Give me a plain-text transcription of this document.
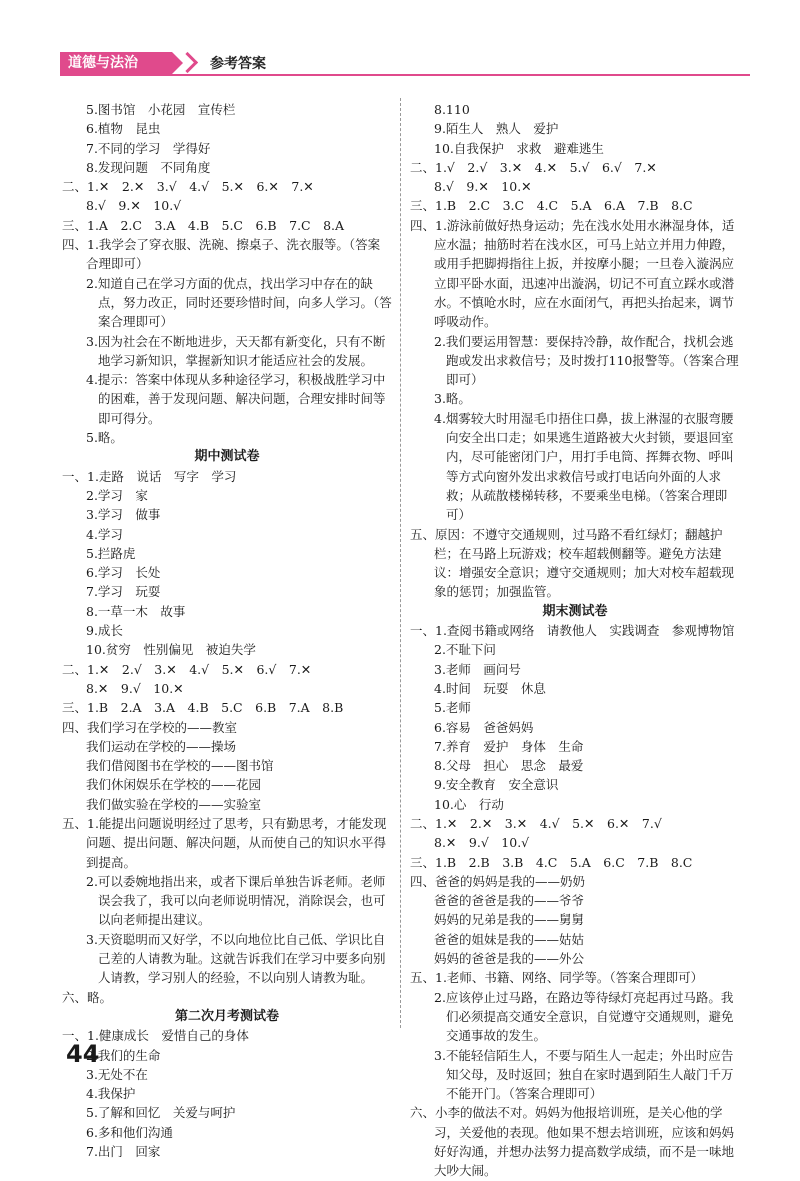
道德与法治	参考答案
5.图书馆　小花园　宣传栏
6.植物　昆虫
7.不同的学习　学得好
8.发现问题　不同角度
二、1.✕　2.✕　3.√　4.√　5.✕　6.✕　7.✕
8.√　9.✕　10.√
三、1.A　2.C　3.A　4.B　5.C　6.B　7.C　8.A
四、1.我学会了穿衣服、洗碗、擦桌子、洗衣服等。（答案合理即可）
2.知道自己在学习方面的优点，找出学习中存在的缺点，努力改正，同时还要珍惜时间，向多人学习。（答案合理即可）
3.因为社会在不断地进步，天天都有新变化，只有不断地学习新知识，掌握新知识才能适应社会的发展。
4.提示：答案中体现从多种途径学习，积极战胜学习中的困难，善于发现问题、解决问题，合理安排时间等即可得分。
5.略。
期中测试卷
一、1.走路　说话　写字　学习
2.学习　家
3.学习　做事
4.学习
5.拦路虎
6.学习　长处
7.学习　玩耍
8.一草一木　故事
9.成长
10.贫穷　性别偏见　被迫失学
二、1.✕　2.√　3.✕　4.√　5.✕　6.√　7.✕
8.✕　9.√　10.✕
三、1.B　2.A　3.A　4.B　5.C　6.B　7.A　8.B
四、我们学习在学校的——教室
我们运动在学校的——操场
我们借阅图书在学校的——图书馆
我们休闲娱乐在学校的——花园
我们做实验在学校的——实验室
五、1.能提出问题说明经过了思考，只有勤思考，才能发现问题、提出问题、解决问题，从而使自己的知识水平得到提高。
2.可以委婉地指出来，或者下课后单独告诉老师。老师误会我了，我可以向老师说明情况，消除误会，也可以向老师提出建议。
3.天资聪明而又好学，不以向地位比自己低、学识比自己差的人请教为耻。这就告诉我们在学习中要多向别人请教，学习别人的经验，不以向别人请教为耻。
六、略。
第二次月考测试卷
一、1.健康成长　爱惜自己的身体
2.我们的生命
3.无处不在
4.我保护
5.了解和回忆　关爱与呵护
6.多和他们沟通
7.出门　回家
8.110
9.陌生人　熟人　爱护
10.自我保护　求救　避难逃生
二、1.√　2.√　3.✕　4.✕　5.√　6.√　7.✕
8.√　9.✕　10.✕
三、1.B　2.C　3.C　4.C　5.A　6.A　7.B　8.C
四、1.游泳前做好热身运动；先在浅水处用水淋湿身体，适应水温；抽筋时若在浅水区，可马上站立并用力伸蹬，或用手把脚拇指往上扳，并按摩小腿；一旦卷入漩涡应立即平卧水面，迅速冲出漩涡，切记不可直立踩水或潜水。不慎呛水时，应在水面闭气，再把头抬起来，调节呼吸动作。
2.我们要运用智慧：要保持冷静，故作配合，找机会逃跑或发出求救信号；及时拨打110报警等。（答案合理即可）
3.略。
4.烟雾较大时用湿毛巾捂住口鼻，拔上淋湿的衣服弯腰向安全出口走；如果逃生道路被大火封锁，要退回室内，尽可能密闭门户，用打手电筒、挥舞衣物、呼叫等方式向窗外发出求救信号或打电话向外面的人求救；从疏散楼梯转移，不要乘坐电梯。（答案合理即可）
五、原因：不遵守交通规则，过马路不看红绿灯；翻越护栏；在马路上玩游戏；校车超载侧翻等。避免方法建议：增强安全意识；遵守交通规则；加大对校车超载现象的惩罚；加强监管。
期末测试卷
一、1.查阅书籍或网络　请教他人　实践调查　参观博物馆
2.不耻下问
3.老师　画问号
4.时间　玩耍　休息
5.老师
6.容易　爸爸妈妈
7.养育　爱护　身体　生命
8.父母　担心　思念　最爱
9.安全教育　安全意识
10.心　行动
二、1.✕　2.✕　3.✕　4.√　5.✕　6.✕　7.√
8.✕　9.√　10.√
三、1.B　2.B　3.B　4.C　5.A　6.C　7.B　8.C
四、爸爸的妈妈是我的——奶奶
爸爸的爸爸是我的——爷爷
妈妈的兄弟是我的——舅舅
爸爸的姐妹是我的——姑姑
妈妈的爸爸是我的——外公
五、1.老师、书籍、网络、同学等。（答案合理即可）
2.应该停止过马路，在路边等待绿灯亮起再过马路。我们必须提高交通安全意识，自觉遵守交通规则，避免交通事故的发生。
3.不能轻信陌生人，不要与陌生人一起走；外出时应告知父母，及时返回；独自在家时遇到陌生人敲门千万不能开门。（答案合理即可）
六、小李的做法不对。妈妈为他报培训班，是关心他的学习，关爱他的表现。他如果不想去培训班，应该和妈妈好好沟通，并想办法努力提高数学成绩，而不是一味地大吵大闹。
44
